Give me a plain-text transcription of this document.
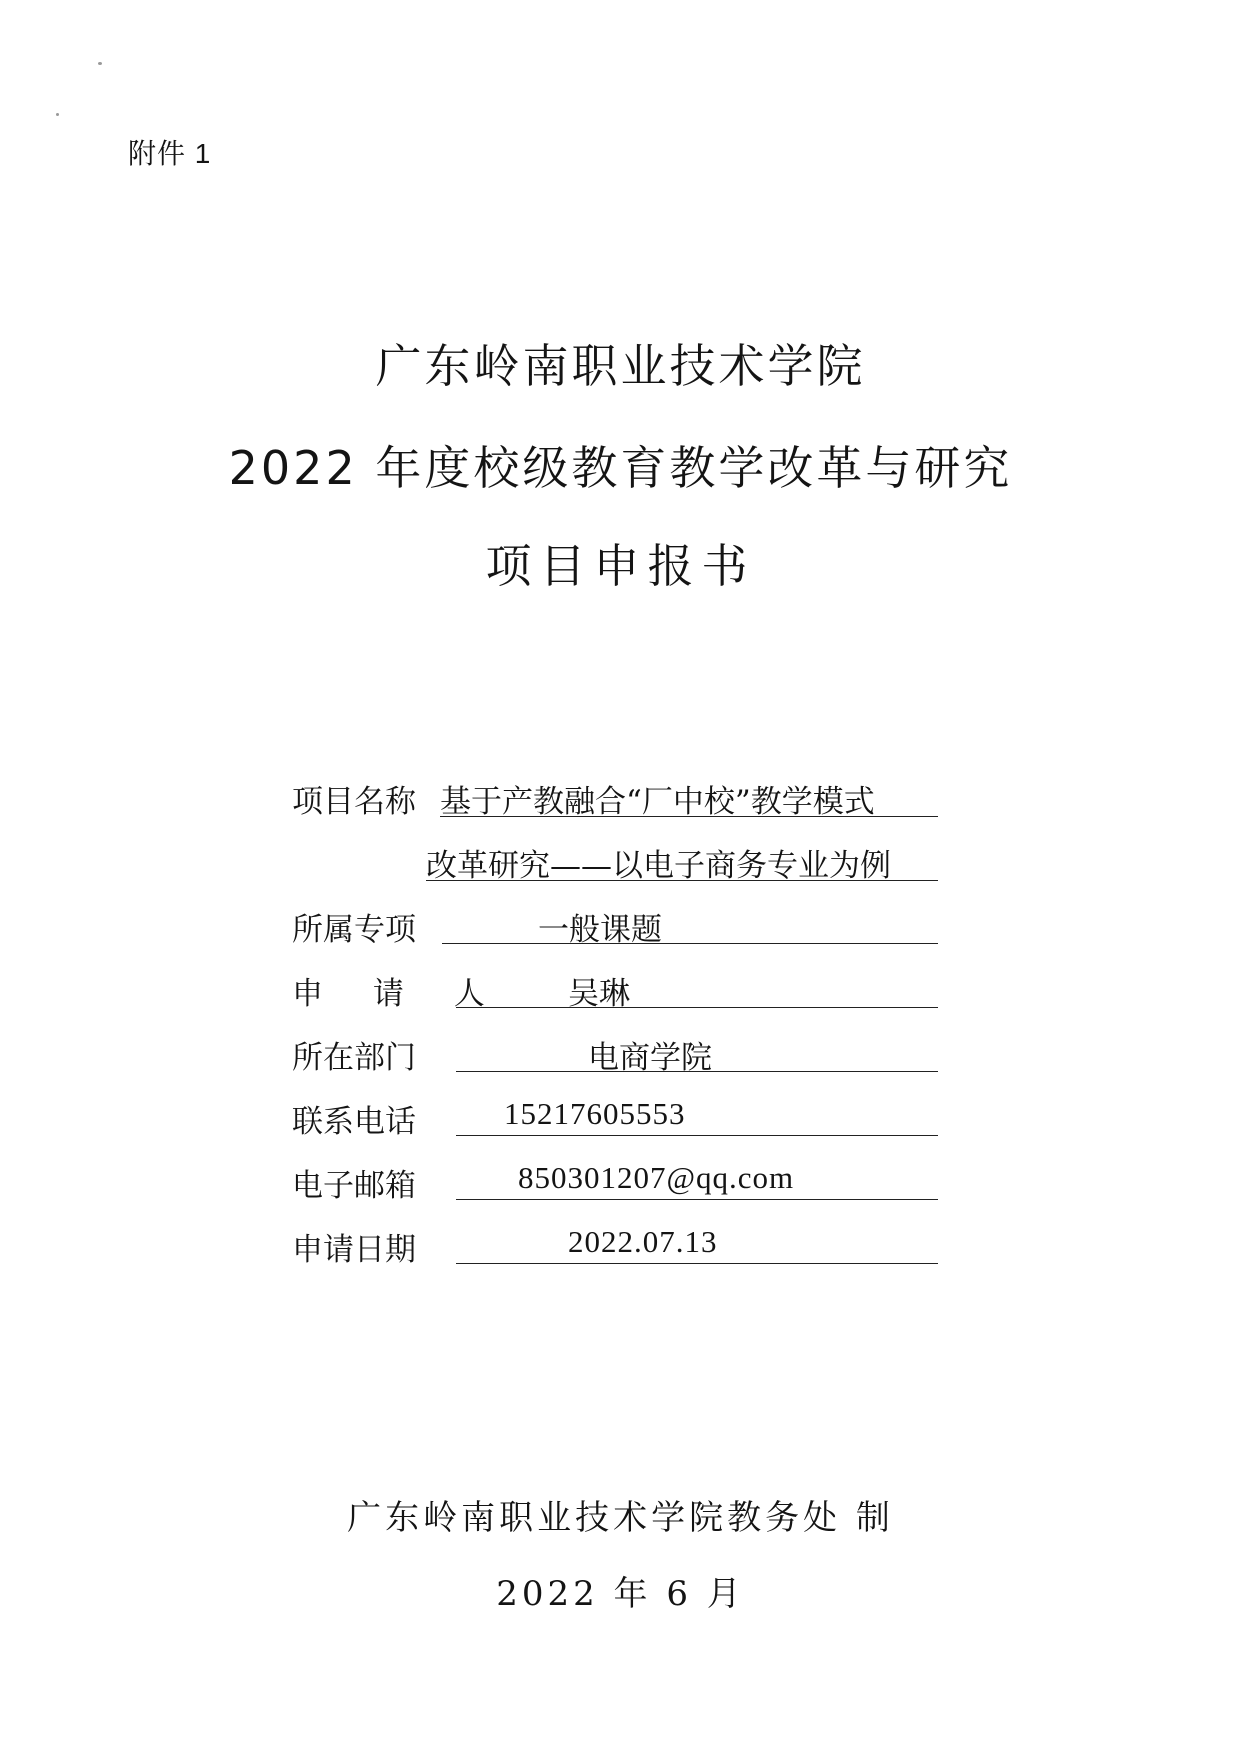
附件 1
广东岭南职业技术学院
2022 年度校级教育教学改革与研究
项目申报书
项目名称 基于产教融合“厂中校”教学模式
改革研究——以电子商务专业为例
所属专项	一般课题
申 请 人	吴琳
所在部门	电商学院
联系电话	15217605553
电子邮箱	850301207@qq.com
申请日期	2022.07.13
广东岭南职业技术学院教务处 制
2022 年 6 月
